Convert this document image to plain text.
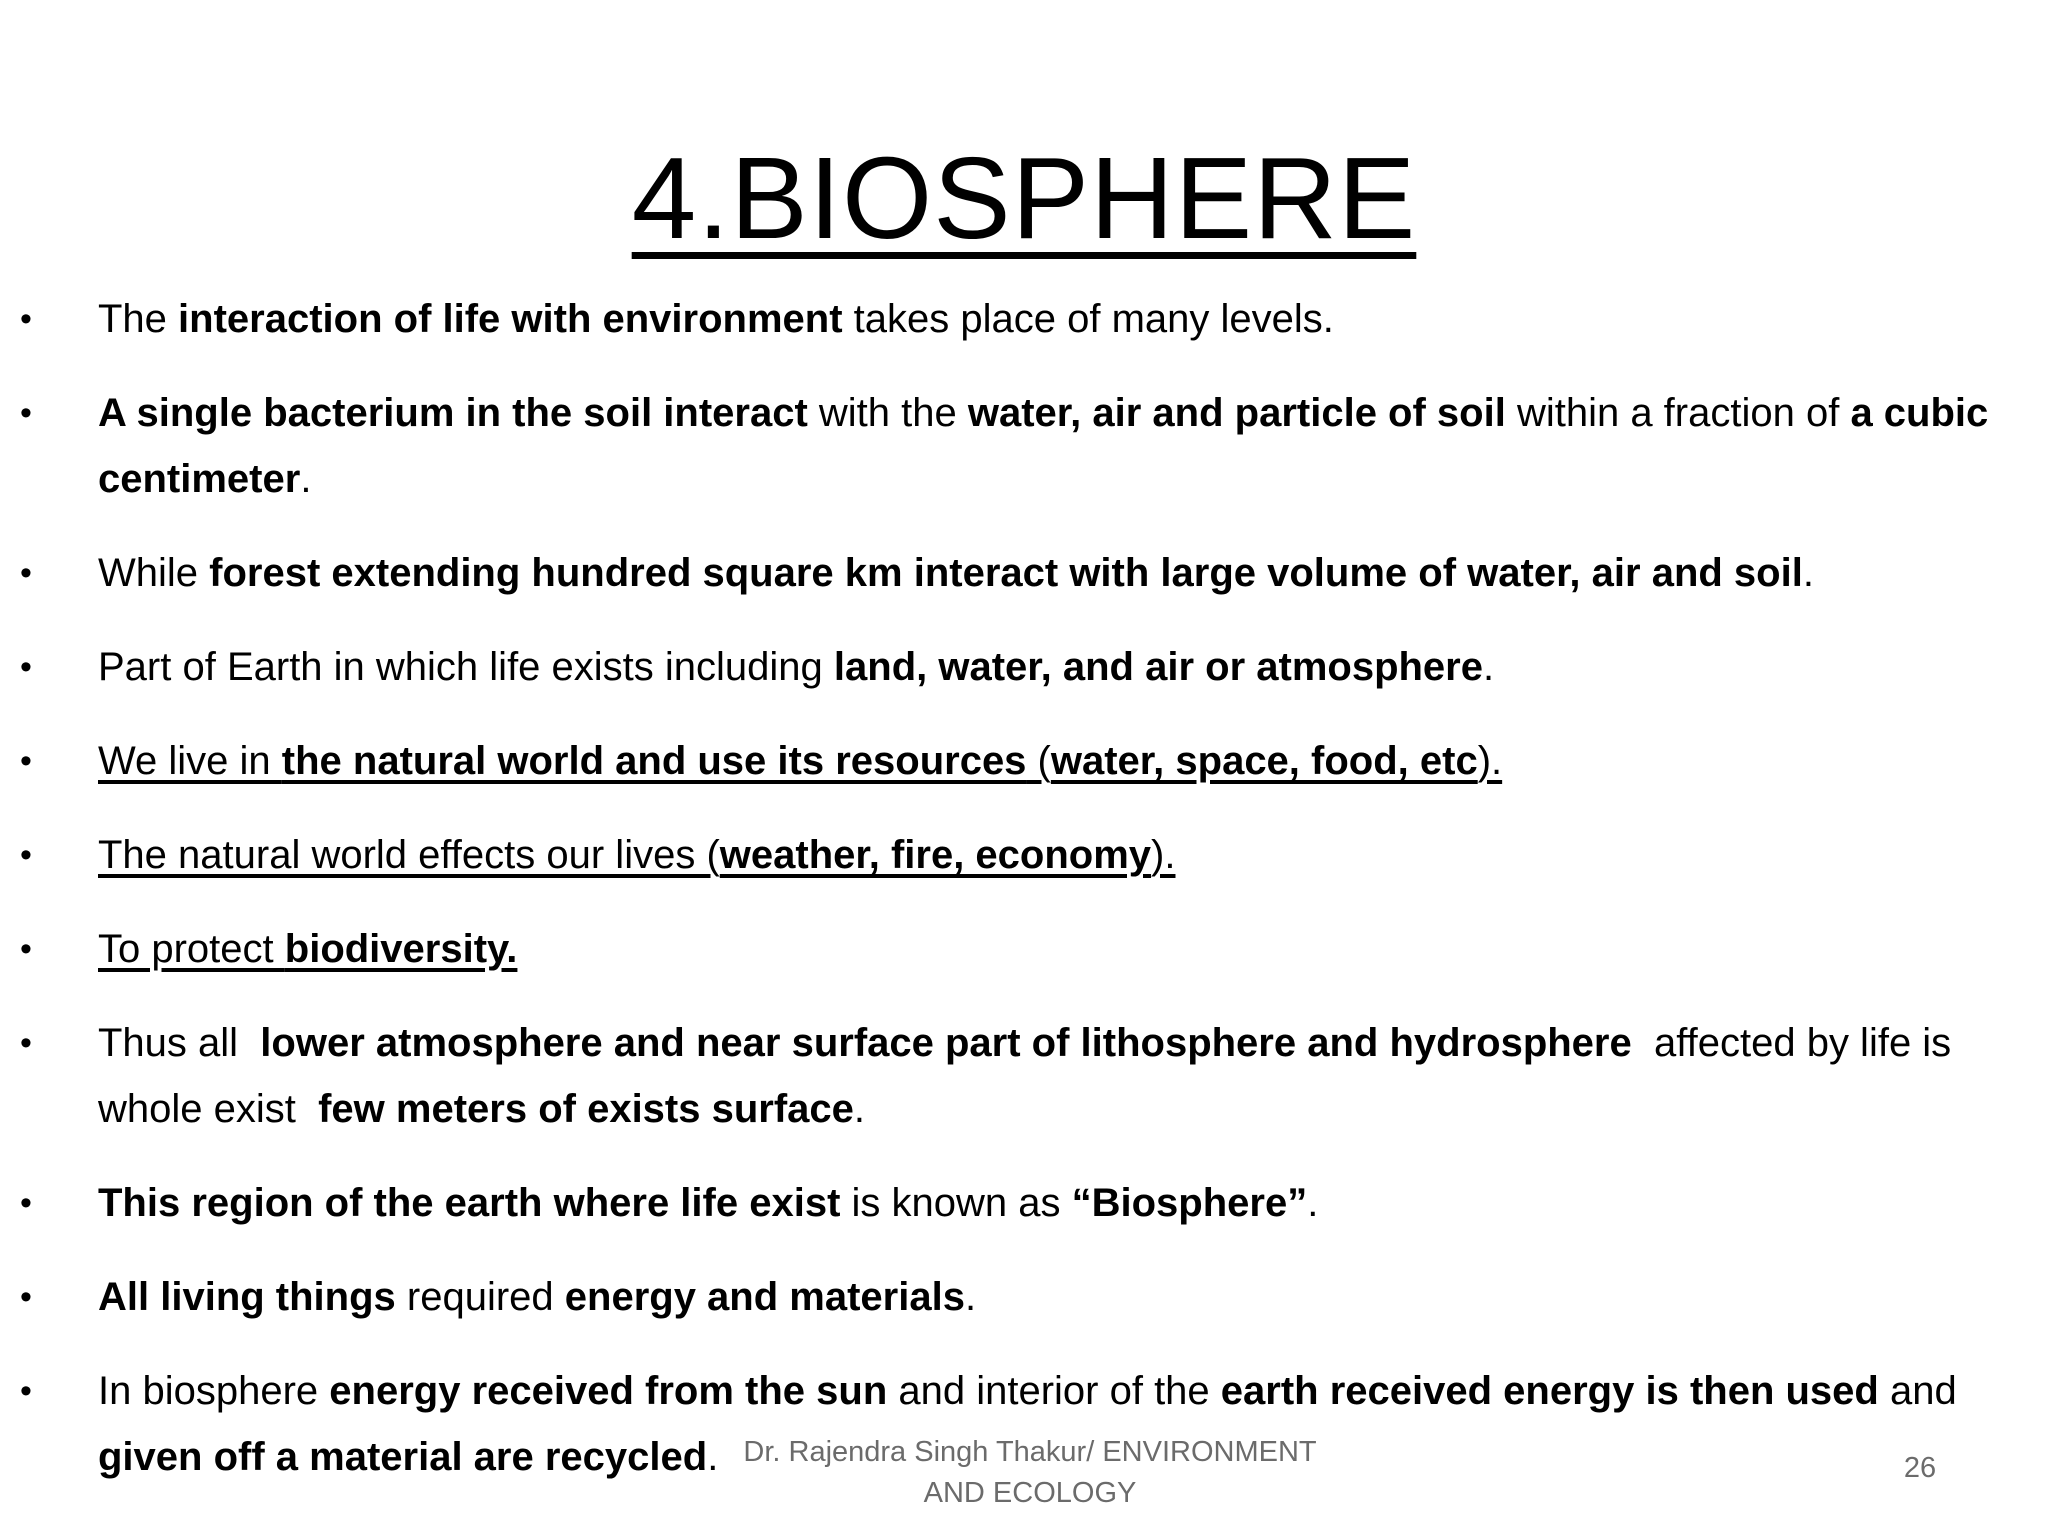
4.BIOSPHERE
• The interaction of life with environment takes place of many levels.
• A single bacterium in the soil interact with the water, air and particle of soil within a fraction of a cubic
centimeter.
• While forest extending hundred square km interact with large volume of water, air and soil.
• Part of Earth in which life exists including land, water, and air or atmosphere.
• We live in the natural world and use its resources (water, space, food, etc).
• The natural world effects our lives (weather, fire, economy).
• To protect biodiversity.
• Thus all  lower atmosphere and near surface part of lithosphere and hydrosphere  affected by life is
whole exist  few meters of exists surface.
• This region of the earth where life exist is known as “Biosphere”.
• All living things required energy and materials.
• In biosphere energy received from the sun and interior of the earth received energy is then used and
given off a material are recycled. Dr. Rajendra Singh Thakur/ ENVIRONMENT
AND ECOLOGY
26
